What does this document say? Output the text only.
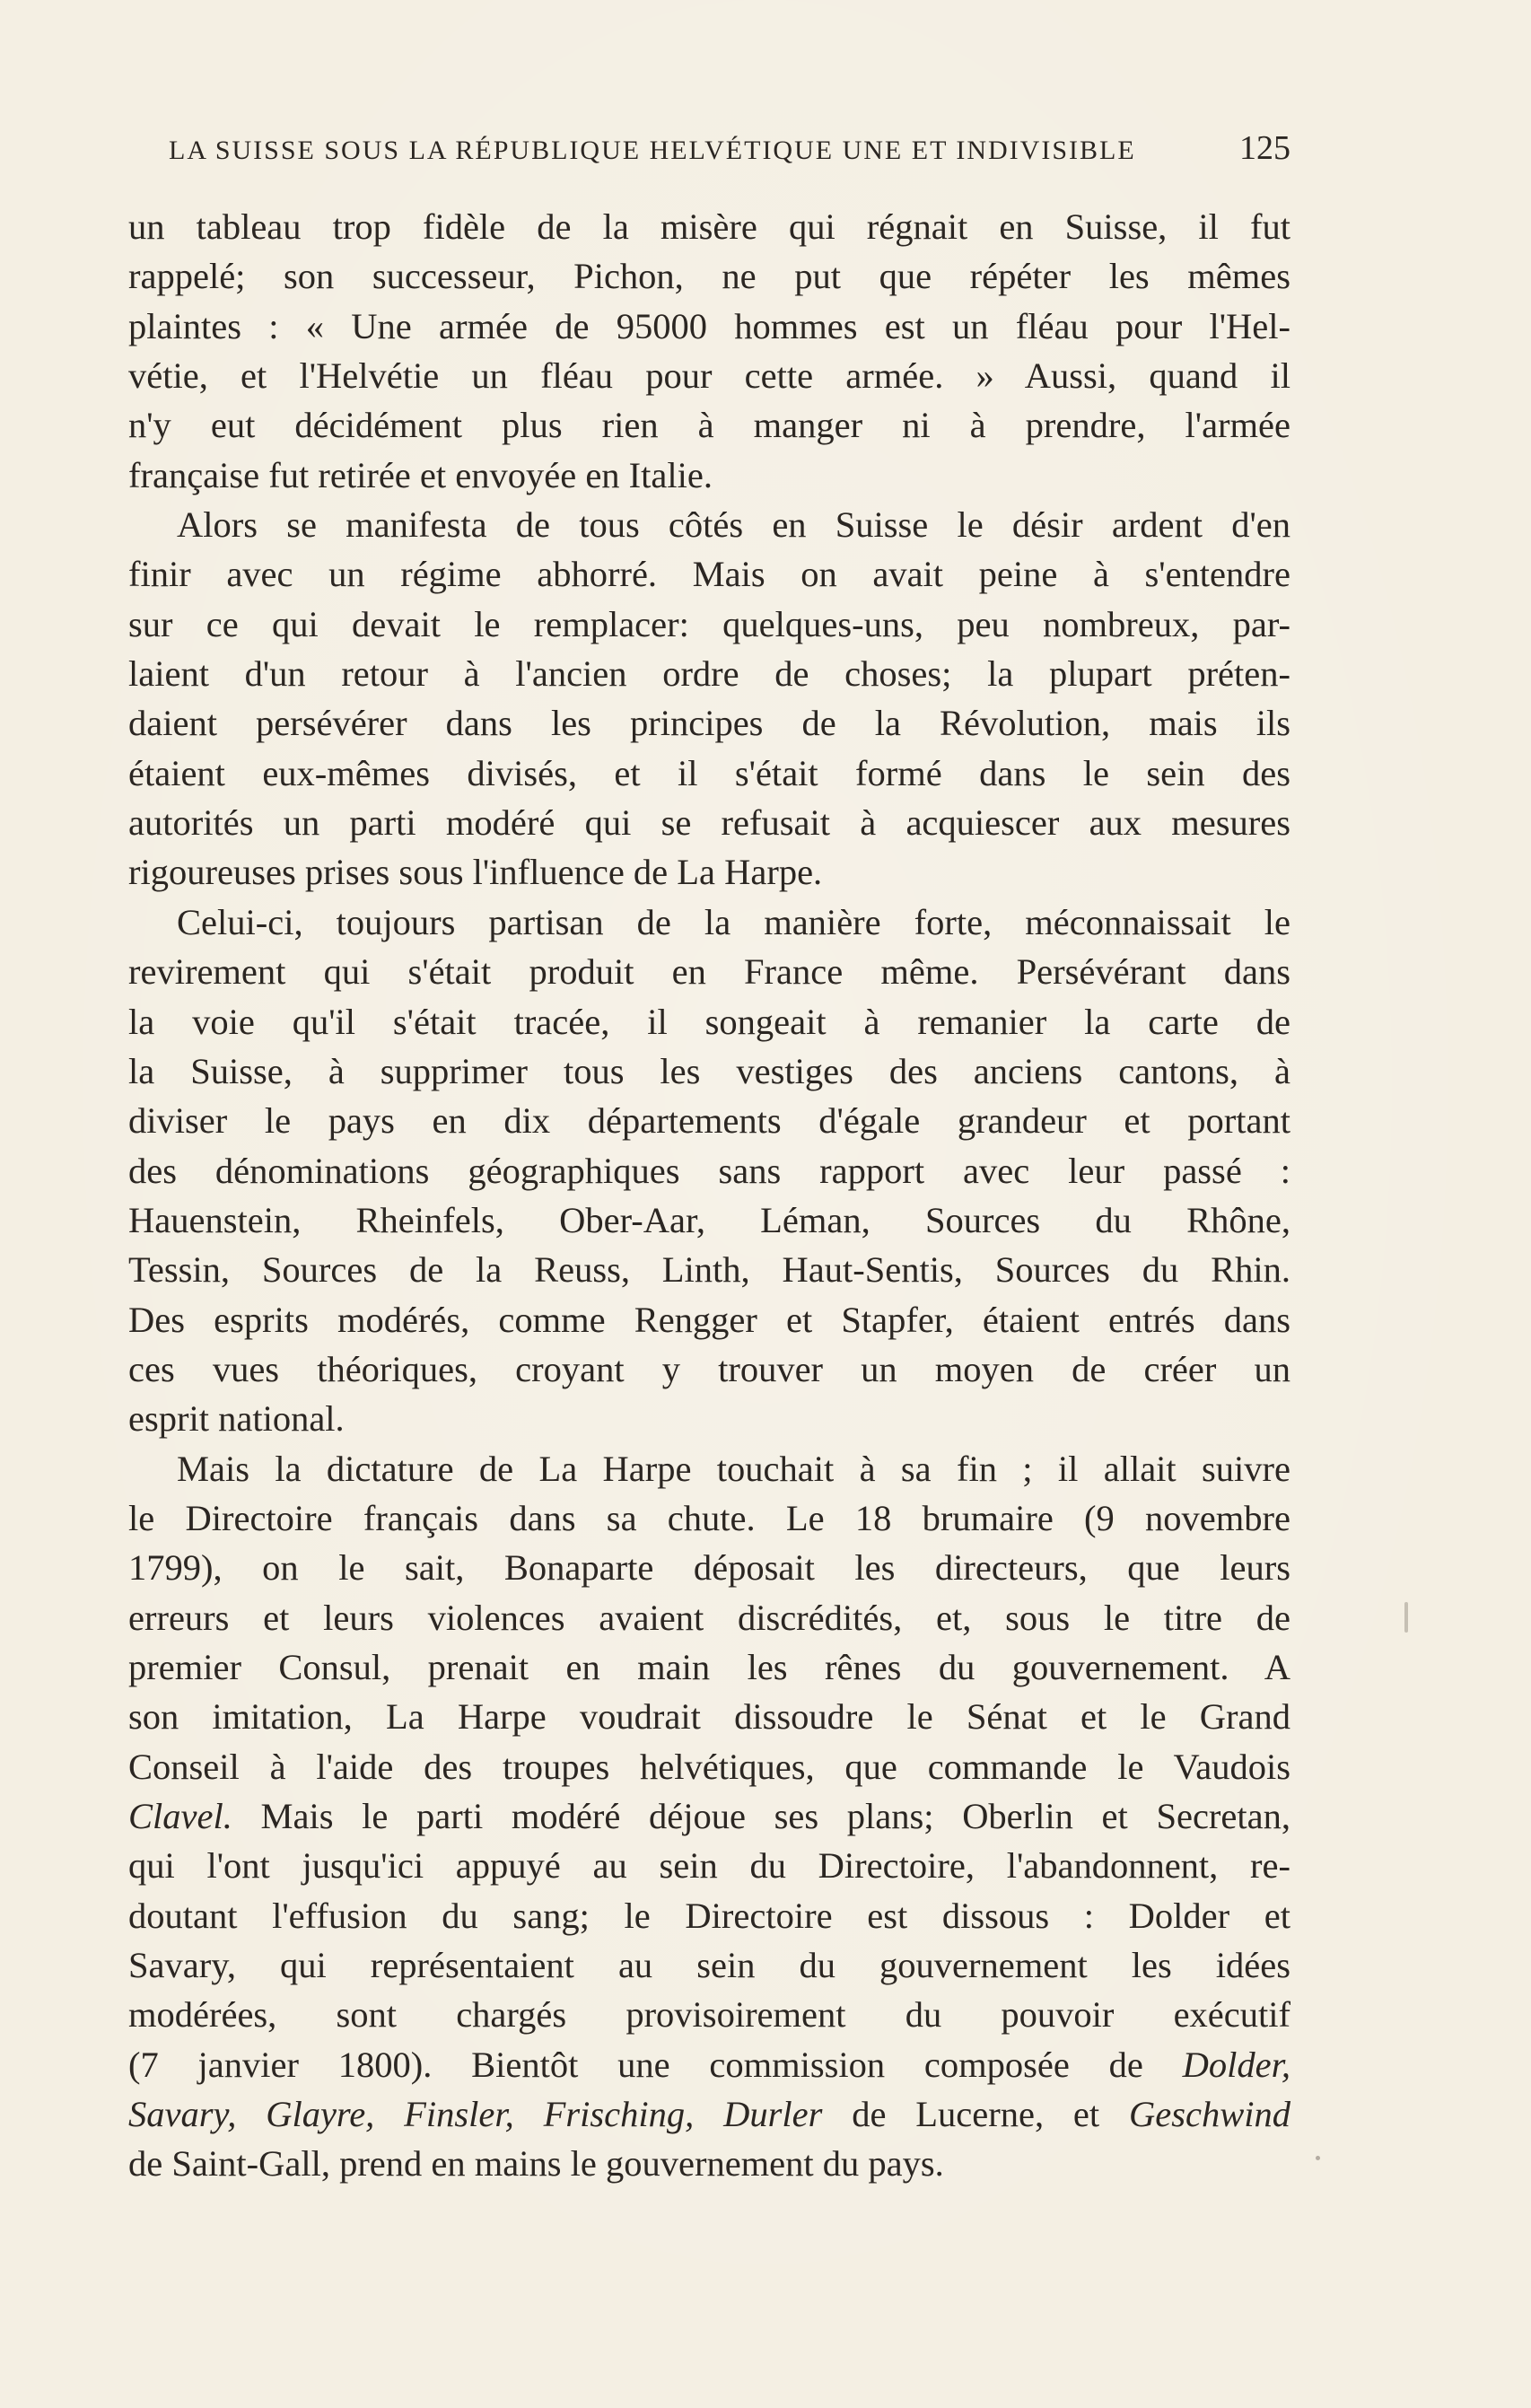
LA SUISSE SOUS LA RÉPUBLIQUE HELVÉTIQUE UNE ET INDIVISIBLE	125
un tableau trop fidèle de la misère qui régnait en Suisse, il fut
rappelé; son successeur, Pichon, ne put que répéter les mêmes
plaintes : « Une armée de 95000 hommes est un fléau pour l'Hel-
vétie, et l'Helvétie un fléau pour cette armée. » Aussi, quand il
n'y eut décidément plus rien à manger ni à prendre, l'armée
française fut retirée et envoyée en Italie.
Alors se manifesta de tous côtés en Suisse le désir ardent d'en
finir avec un régime abhorré. Mais on avait peine à s'entendre
sur ce qui devait le remplacer: quelques-uns, peu nombreux, par-
laient d'un retour à l'ancien ordre de choses; la plupart préten-
daient persévérer dans les principes de la Révolution, mais ils
étaient eux-mêmes divisés, et il s'était formé dans le sein des
autorités un parti modéré qui se refusait à acquiescer aux mesures
rigoureuses prises sous l'influence de La Harpe.
Celui-ci, toujours partisan de la manière forte, méconnaissait le
revirement qui s'était produit en France même. Persévérant dans
la voie qu'il s'était tracée, il songeait à remanier la carte de
la Suisse, à supprimer tous les vestiges des anciens cantons, à
diviser le pays en dix départements d'égale grandeur et portant
des dénominations géographiques sans rapport avec leur passé :
Hauenstein, Rheinfels, Ober-Aar, Léman, Sources du Rhône,
Tessin, Sources de la Reuss, Linth, Haut-Sentis, Sources du Rhin.
Des esprits modérés, comme Rengger et Stapfer, étaient entrés dans
ces vues théoriques, croyant y trouver un moyen de créer un
esprit national.
Mais la dictature de La Harpe touchait à sa fin ; il allait suivre
le Directoire français dans sa chute. Le 18 brumaire (9 novembre
1799), on le sait, Bonaparte déposait les directeurs, que leurs
erreurs et leurs violences avaient discrédités, et, sous le titre de
premier Consul, prenait en main les rênes du gouvernement. A
son imitation, La Harpe voudrait dissoudre le Sénat et le Grand
Conseil à l'aide des troupes helvétiques, que commande le Vaudois
Clavel. Mais le parti modéré déjoue ses plans; Oberlin et Secretan,
qui l'ont jusqu'ici appuyé au sein du Directoire, l'abandonnent, re-
doutant l'effusion du sang; le Directoire est dissous : Dolder et
Savary, qui représentaient au sein du gouvernement les idées
modérées, sont chargés provisoirement du pouvoir exécutif
(7 janvier 1800). Bientôt une commission composée de Dolder,
Savary, Glayre, Finsler, Frisching, Durler de Lucerne, et Geschwind
de Saint-Gall, prend en mains le gouvernement du pays.
